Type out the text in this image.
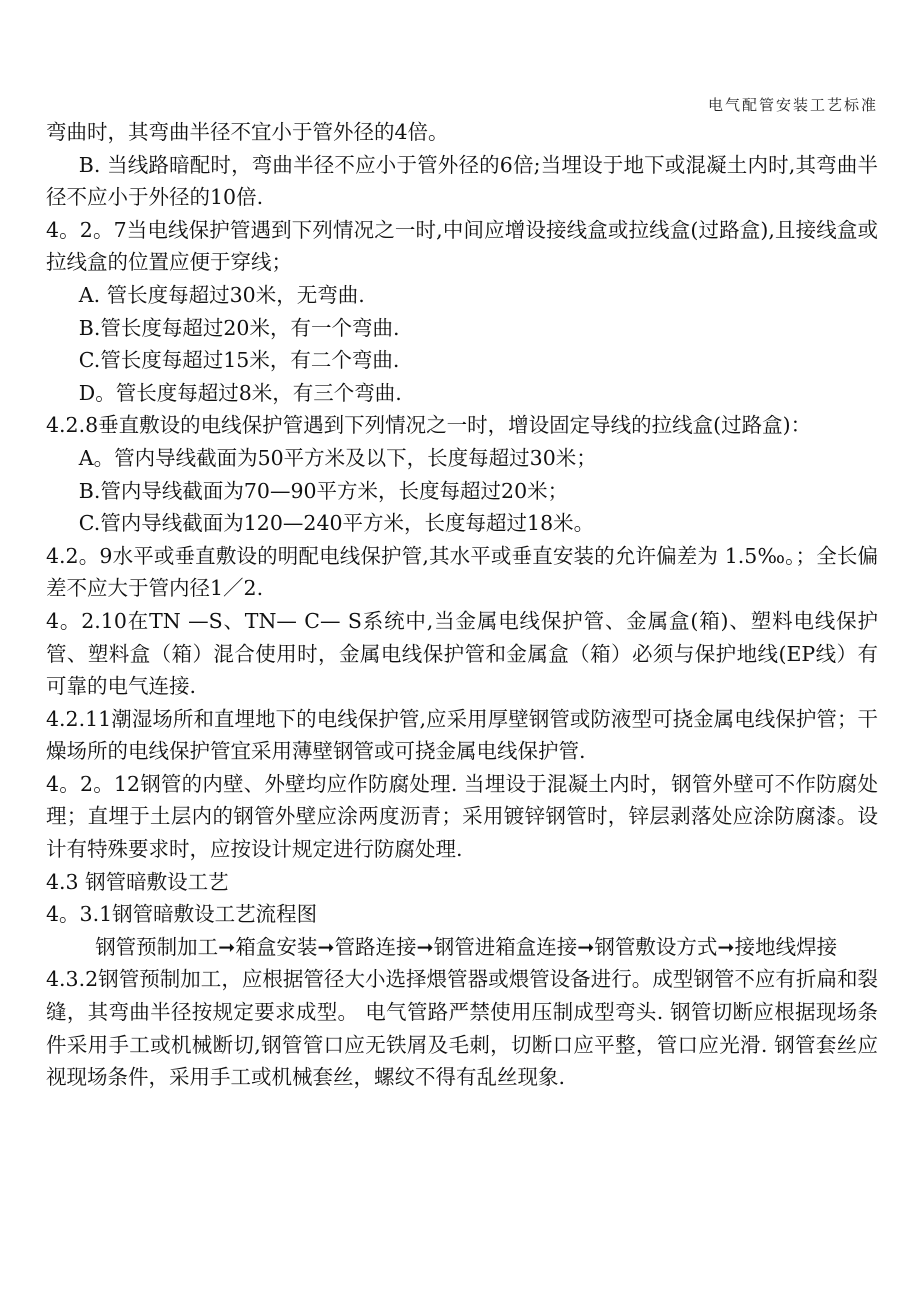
电气配管安装工艺标准

弯曲时，其弯曲半径不宜小于管外径的4倍。

B. 当线路暗配时，弯曲半径不应小于管外径的6倍;当埋设于地下或混凝土内时,其弯曲半径不应小于外径的10倍.

4。2。7当电线保护管遇到下列情况之一时,中间应增设接线盒或拉线盒(过路盒),且接线盒或拉线盒的位置应便于穿线；

A. 管长度每超过30米，无弯曲.

B.管长度每超过20米，有一个弯曲.

C.管长度每超过15米，有二个弯曲.

D。管长度每超过8米，有三个弯曲.

4.2.8垂直敷设的电线保护管遇到下列情况之一时，增设固定导线的拉线盒(过路盒)：

A。管内导线截面为50平方米及以下，长度每超过30米；

B.管内导线截面为70—90平方米，长度每超过20米；

C.管内导线截面为120—240平方米，长度每超过18米。

4.2。9水平或垂直敷设的明配电线保护管,其水平或垂直安装的允许偏差为 1.5‰。；全长偏差不应大于管内径1／2.

4。2.10在TN —S、TN— C— S系统中,当金属电线保护管、金属盒(箱)、塑料电线保护管、塑料盒（箱）混合使用时，金属电线保护管和金属盒（箱）必须与保护地线(EP线）有可靠的电气连接.

4.2.11潮湿场所和直埋地下的电线保护管,应采用厚壁钢管或防液型可挠金属电线保护管；干燥场所的电线保护管宜采用薄壁钢管或可挠金属电线保护管.

4。2。12钢管的内壁、外壁均应作防腐处理. 当埋设于混凝土内时，钢管外壁可不作防腐处理；直埋于土层内的钢管外壁应涂两度沥青；采用镀锌钢管时，锌层剥落处应涂防腐漆。设计有特殊要求时，应按设计规定进行防腐处理.

4.3 钢管暗敷设工艺

4。3.1钢管暗敷设工艺流程图

钢管预制加工➞箱盒安装➞管路连接➞钢管进箱盒连接➞钢管敷设方式➞接地线焊接

4.3.2钢管预制加工，应根据管径大小选择煨管器或煨管设备进行。成型钢管不应有折扁和裂缝，其弯曲半径按规定要求成型。 电气管路严禁使用压制成型弯头. 钢管切断应根据现场条件采用手工或机械断切,钢管管口应无铁屑及毛刺，切断口应平整，管口应光滑. 钢管套丝应视现场条件，采用手工或机械套丝，螺纹不得有乱丝现象.
